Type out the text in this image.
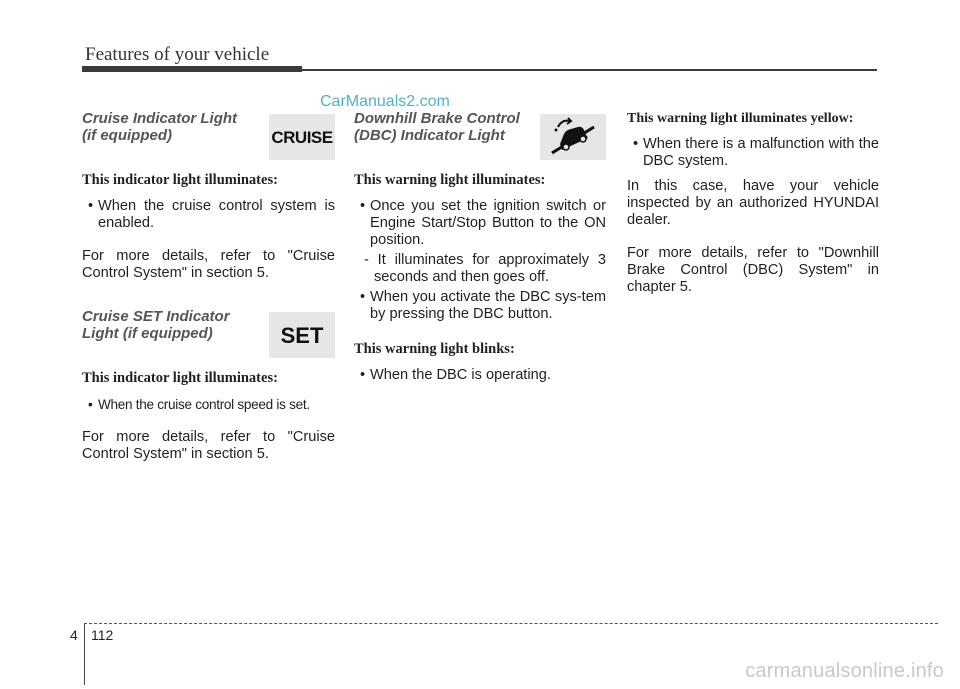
Features of your vehicle
CarManuals2.com
Cruise Indicator Light
(if equipped)	CRUISE
This indicator light illuminates:
• When the cruise control system is enabled.
For more details, refer to "Cruise Control System" in section 5.
Cruise SET Indicator
Light (if equipped)	SET
This indicator light illuminates:
• When the cruise control speed is set.
For more details, refer to "Cruise Control System" in section 5.
Downhill Brake Control
(DBC) Indicator Light
This warning light illuminates:
• Once you set the ignition switch or Engine Start/Stop Button to the ON position.
- It illuminates for approximately 3 seconds and then goes off.
• When you activate the DBC sys-tem by pressing the DBC button.
This warning light blinks:
• When the DBC is operating.
This warning light illuminates yellow:
• When there is a malfunction with the DBC system.
In this case, have your vehicle inspected by an authorized HYUNDAI dealer.
For more details, refer to "Downhill Brake Control (DBC) System" in chapter 5.
4 112
carmanualsonline.info
